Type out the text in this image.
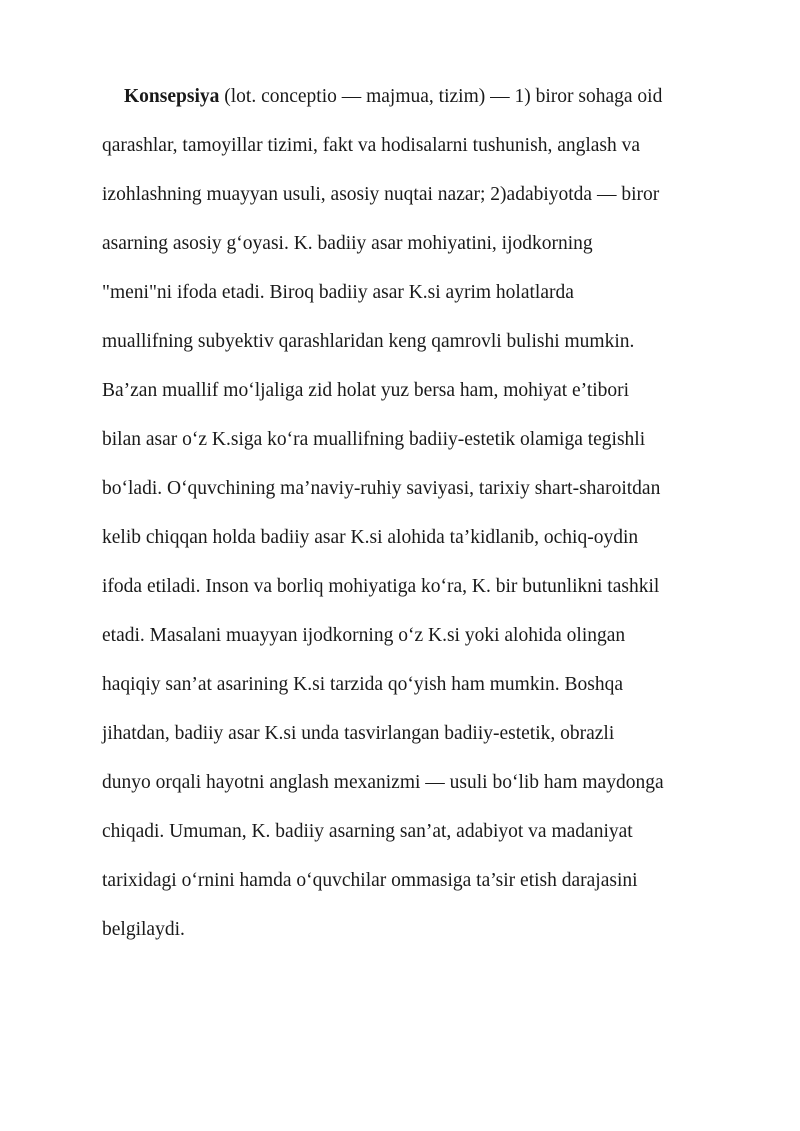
Konsepsiya (lot. conceptio — majmua, tizim) — 1) biror sohaga oid
qarashlar, tamoyillar tizimi, fakt va hodisalarni tushunish, anglash va
izohlashning muayyan usuli, asosiy nuqtai nazar; 2)adabiyotda — biror
asarning asosiy g‘oyasi. K. badiiy asar mohiyatini, ijodkorning
"meni"ni ifoda etadi. Biroq badiiy asar K.si ayrim holatlarda
muallifning subyektiv qarashlaridan keng qamrovli bulishi mumkin.
Ba’zan muallif mo‘ljaliga zid holat yuz bersa ham, mohiyat e’tibori
bilan asar o‘z K.siga ko‘ra muallifning badiiy-estetik olamiga tegishli
bo‘ladi. O‘quvchining ma’naviy-ruhiy saviyasi, tarixiy shart-sharoitdan
kelib chiqqan holda badiiy asar K.si alohida ta’kidlanib, ochiq-oydin
ifoda etiladi. Inson va borliq mohiyatiga ko‘ra, K. bir butunlikni tashkil
etadi. Masalani muayyan ijodkorning o‘z K.si yoki alohida olingan
haqiqiy san’at asarining K.si tarzida qo‘yish ham mumkin. Boshqa
jihatdan, badiiy asar K.si unda tasvirlangan badiiy-estetik, obrazli
dunyo orqali hayotni anglash mexanizmi — usuli bo‘lib ham maydonga
chiqadi. Umuman, K. badiiy asarning san’at, adabiyot va madaniyat
tarixidagi o‘rnini hamda o‘quvchilar ommasiga ta’sir etish darajasini
belgilaydi.
